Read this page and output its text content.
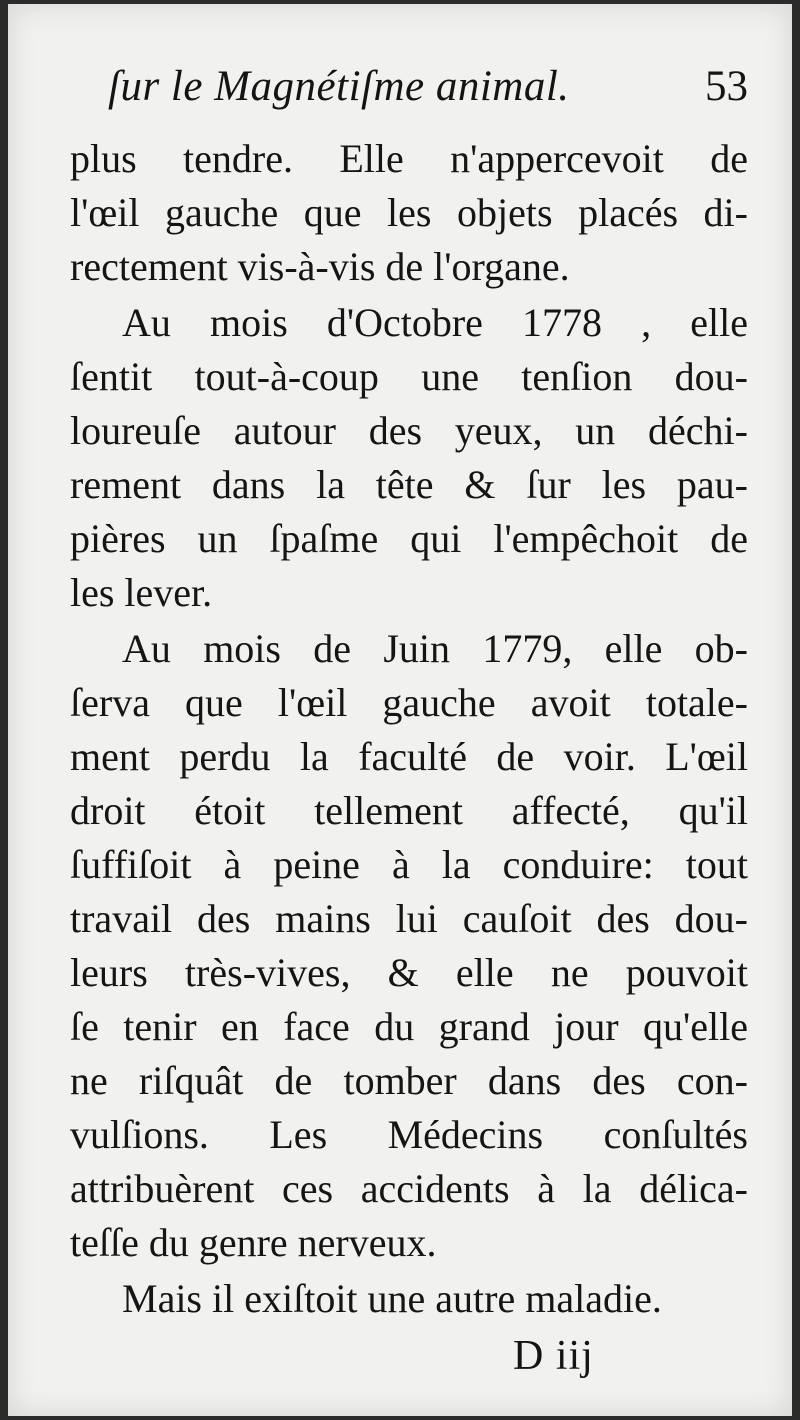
ſur le Magnétiſme animal.	53
plus tendre. Elle n'appercevoit de
l'œil gauche que les objets placés di-
rectement vis-à-vis de l'organe.
Au mois d'Octobre 1778 , elle
ſentit tout-à-coup une tenſion dou-
loureuſe autour des yeux, un déchi-
rement dans la tête & ſur les pau-
pières un ſpaſme qui l'empêchoit de
les lever.
Au mois de Juin 1779, elle ob-
ſerva que l'œil gauche avoit totale-
ment perdu la faculté de voir. L'œil
droit étoit tellement affecté, qu'il
ſuffiſoit à peine à la conduire: tout
travail des mains lui cauſoit des dou-
leurs très-vives, & elle ne pouvoit
ſe tenir en face du grand jour qu'elle
ne riſquât de tomber dans des con-
vulſions. Les Médecins conſultés
attribuèrent ces accidents à la délica-
teſſe du genre nerveux.
Mais il exiſtoit une autre maladie.
D iij
